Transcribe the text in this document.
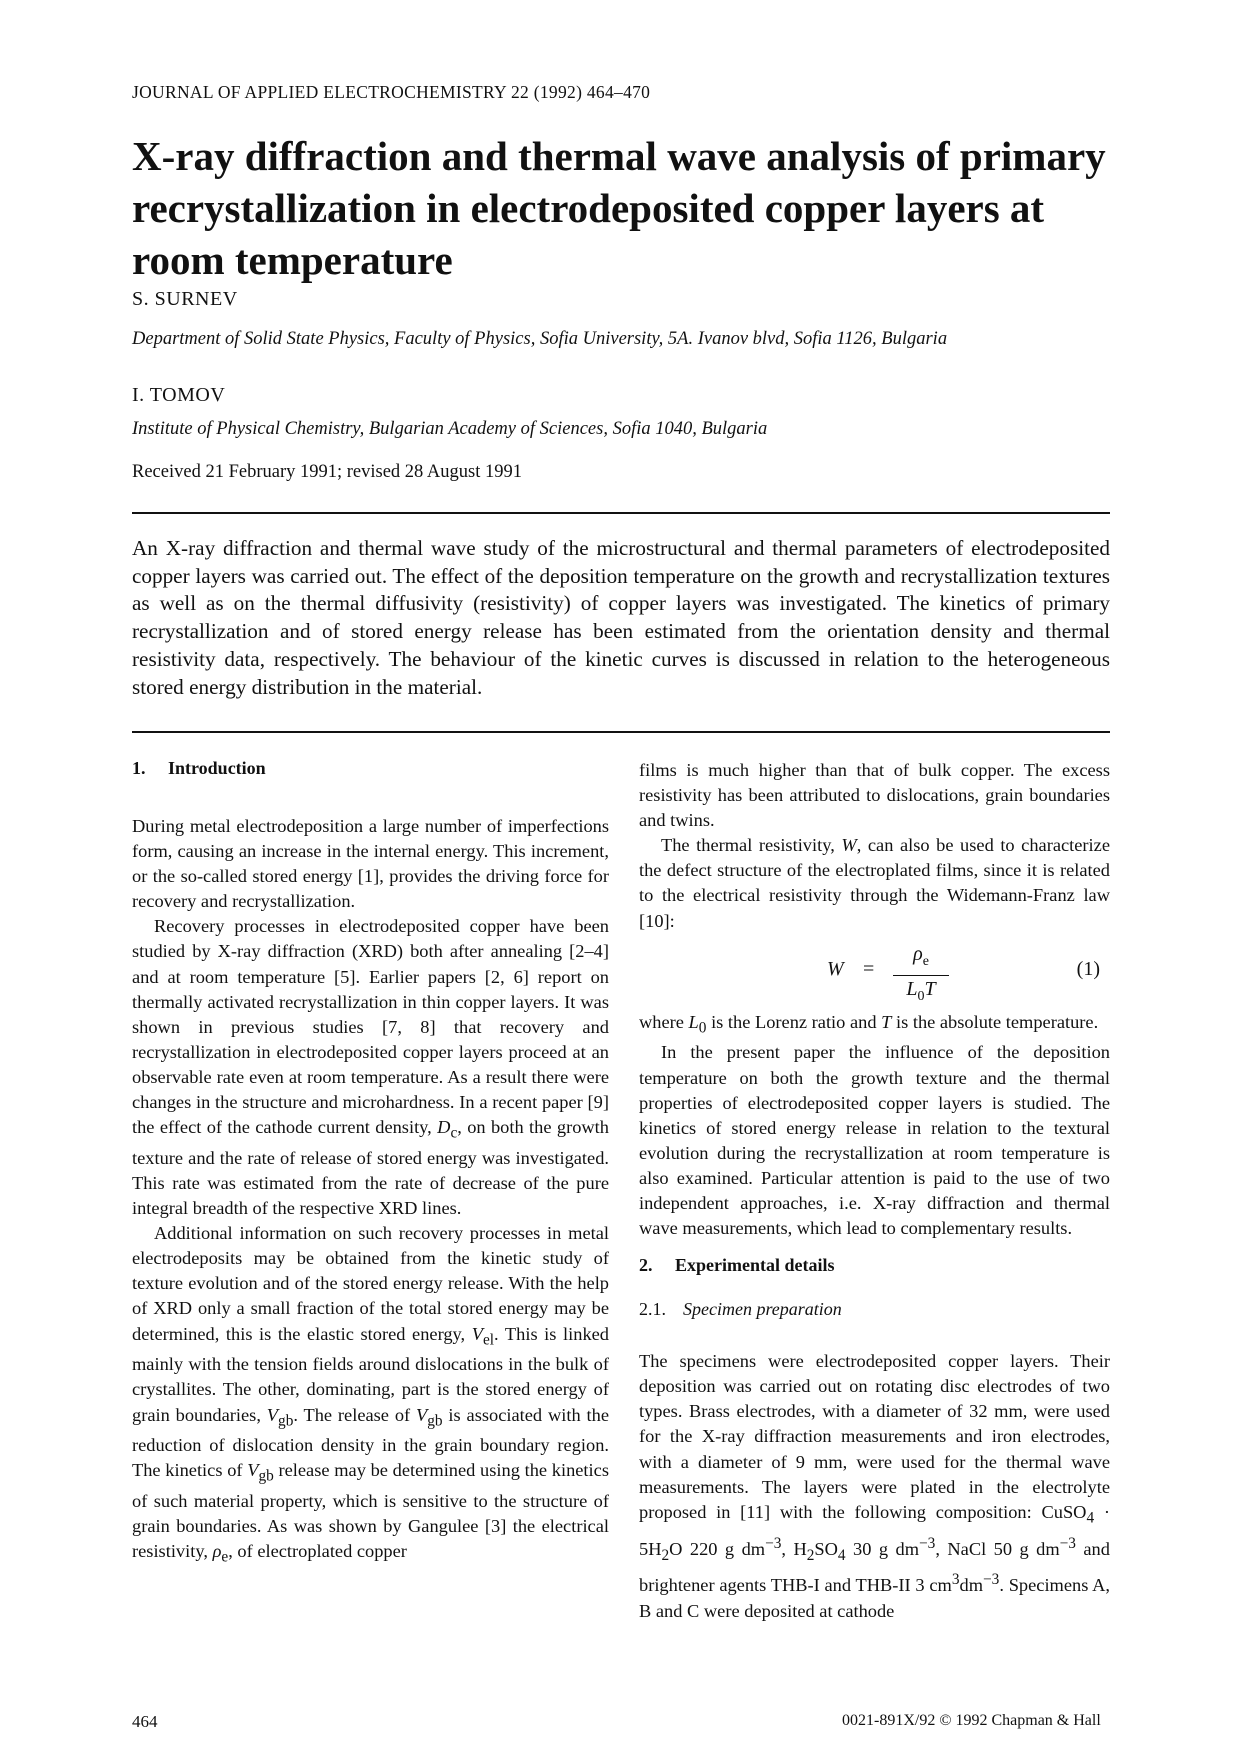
JOURNAL OF APPLIED ELECTROCHEMISTRY 22 (1992) 464–470
X-ray diffraction and thermal wave analysis of primary recrystallization in electrodeposited copper layers at room temperature
S. SURNEV
Department of Solid State Physics, Faculty of Physics, Sofia University, 5A. Ivanov blvd, Sofia 1126, Bulgaria
I. TOMOV
Institute of Physical Chemistry, Bulgarian Academy of Sciences, Sofia 1040, Bulgaria
Received 21 February 1991; revised 28 August 1991
An X-ray diffraction and thermal wave study of the microstructural and thermal parameters of electrodeposited copper layers was carried out. The effect of the deposition temperature on the growth and recrystallization textures as well as on the thermal diffusivity (resistivity) of copper layers was investigated. The kinetics of primary recrystallization and of stored energy release has been estimated from the orientation density and thermal resistivity data, respectively. The behaviour of the kinetic curves is discussed in relation to the heterogeneous stored energy distribution in the material.
1. Introduction

During metal electrodeposition a large number of imperfections form, causing an increase in the internal energy. This increment, or the so-called stored energy [1], provides the driving force for recovery and recrystallization.

Recovery processes in electrodeposited copper have been studied by X-ray diffraction (XRD) both after annealing [2–4] and at room temperature [5]. Earlier papers [2, 6] report on thermally activated recrystallization in thin copper layers. It was shown in previous studies [7, 8] that recovery and recrystallization in electrodeposited copper layers proceed at an observable rate even at room temperature. As a result there were changes in the structure and microhardness. In a recent paper [9] the effect of the cathode current density, $D_c$, on both the growth texture and the rate of release of stored energy was investigated. This rate was estimated from the rate of decrease of the pure integral breadth of the respective XRD lines.

Additional information on such recovery processes in metal electrodeposits may be obtained from the kinetic study of texture evolution and of the stored energy release. With the help of XRD only a small fraction of the total stored energy may be determined, this is the elastic stored energy, $V_{el}$. This is linked mainly with the tension fields around dislocations in the bulk of crystallites. The other, dominating, part is the stored energy of grain boundaries, $V_{gb}$. The release of $V_{gb}$ is associated with the reduction of dislocation density in the grain boundary region. The kinetics of $V_{gb}$ release may be determined using the kinetics of such material property, which is sensitive to the structure of grain boundaries. As was shown by Gangulee [3] the electrical resistivity, $\rho_e$, of electroplated copper

films is much higher than that of bulk copper. The excess resistivity has been attributed to dislocations, grain boundaries and twins.

The thermal resistivity, W, can also be used to characterize the defect structure of the electroplated films, since it is related to the electrical resistivity through the Widemann-Franz law [10]:

$W = \frac{\rho_e}{L_0T}$	(1)

where $L_0$ is the Lorenz ratio and T is the absolute temperature.

In the present paper the influence of the deposition temperature on both the growth texture and the thermal properties of electrodeposited copper layers is studied. The kinetics of stored energy release in relation to the textural evolution during the recrystallization at room temperature is also examined. Particular attention is paid to the use of two independent approaches, i.e. X-ray diffraction and thermal wave measurements, which lead to complementary results.

2. Experimental details
2.1. Specimen preparation

The specimens were electrodeposited copper layers. Their deposition was carried out on rotating disc electrodes of two types. Brass electrodes, with a diameter of 32 mm, were used for the X-ray diffraction measurements and iron electrodes, with a diameter of 9 mm, were used for the thermal wave measurements. The layers were plated in the electrolyte proposed in [11] with the following composition: CuSO$_4$ · $5H_2O$ 220 g $dm^{-3}$, $H_2SO_4$ 30 g $dm^{-3}$, NaCl 50 g $dm^{-3}$ and brightener agents THB-I and THB-II 3 $cm^3dm^{-3}$. Specimens A, B and C were deposited at cathode

464	0021-891X/92 © 1992 Chapman & Hall
